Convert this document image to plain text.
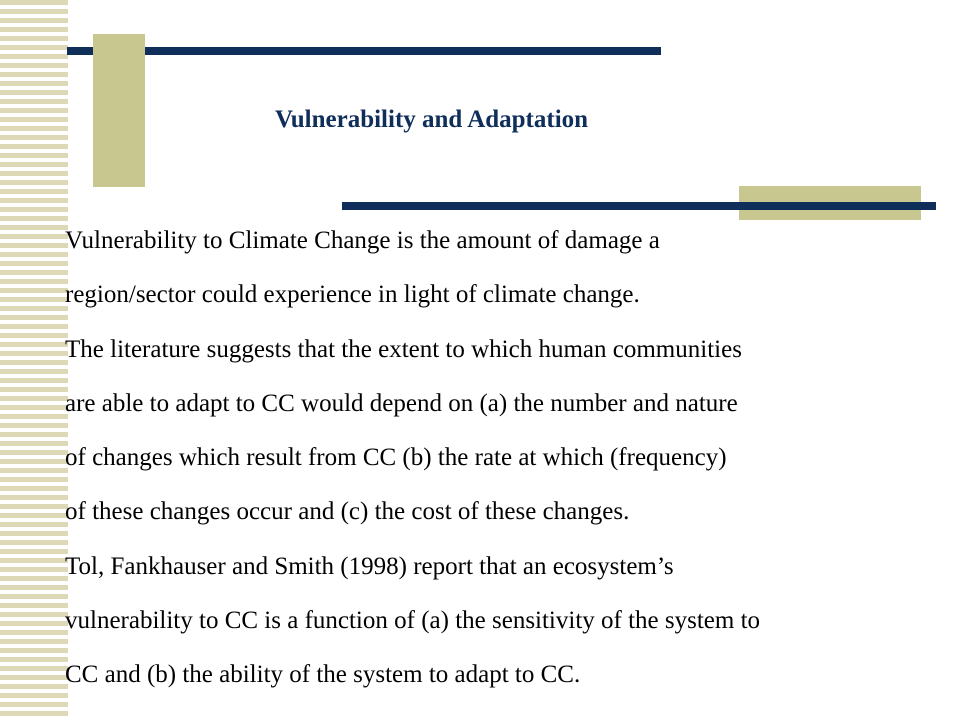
Vulnerability and Adaptation
Vulnerability to Climate Change is the amount of damage a
region/sector could experience in light of climate change.
The literature suggests that the extent to which human communities
are able to adapt to CC would depend on (a) the number and nature
of changes which result from CC (b) the rate at which (frequency)
of these changes occur and (c) the cost of these changes.
Tol, Fankhauser and Smith (1998) report that an ecosystem’s
vulnerability to CC is a function of (a) the sensitivity of the system to
CC and (b) the ability of the system to adapt to CC.
